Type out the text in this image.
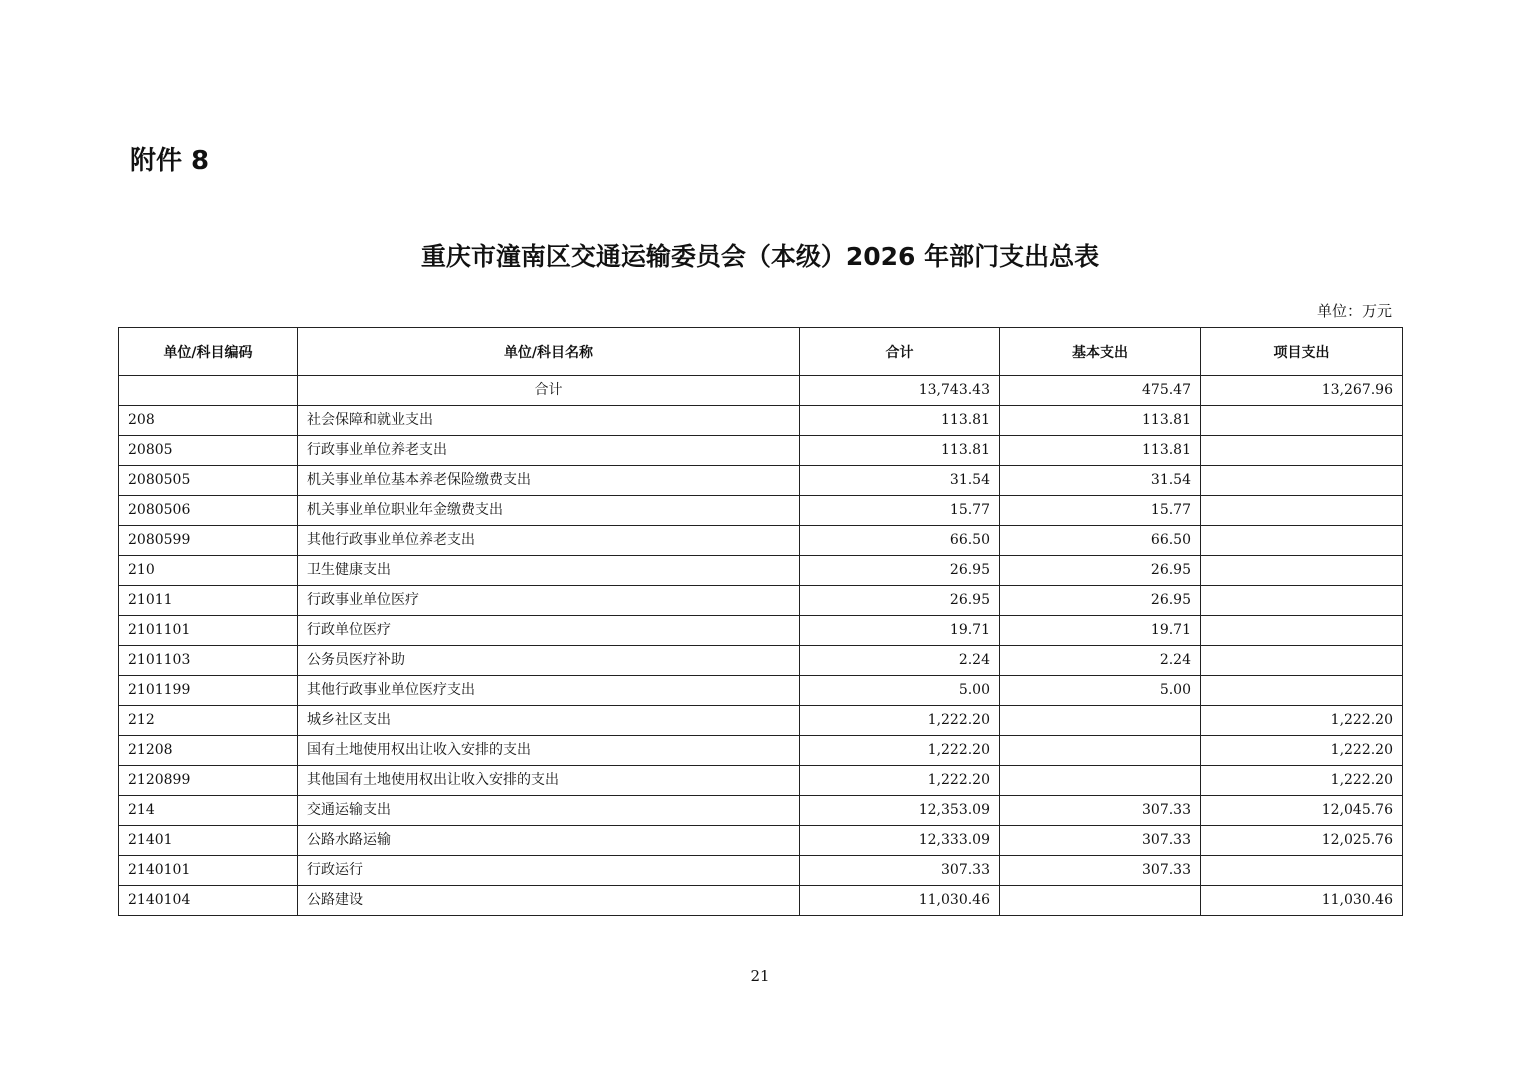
附件 8
重庆市潼南区交通运输委员会（本级）2026 年部门支出总表
单位：万元
单位/科目编码	单位/科目名称	合计	基本支出	项目支出
	合计	13,743.43	475.47	13,267.96
208	社会保障和就业支出	113.81	113.81	
20805	行政事业单位养老支出	113.81	113.81	
2080505	机关事业单位基本养老保险缴费支出	31.54	31.54	
2080506	机关事业单位职业年金缴费支出	15.77	15.77	
2080599	其他行政事业单位养老支出	66.50	66.50	
210	卫生健康支出	26.95	26.95	
21011	行政事业单位医疗	26.95	26.95	
2101101	行政单位医疗	19.71	19.71	
2101103	公务员医疗补助	2.24	2.24	
2101199	其他行政事业单位医疗支出	5.00	5.00	
212	城乡社区支出	1,222.20		1,222.20
21208	国有土地使用权出让收入安排的支出	1,222.20		1,222.20
2120899	其他国有土地使用权出让收入安排的支出	1,222.20		1,222.20
214	交通运输支出	12,353.09	307.33	12,045.76
21401	公路水路运输	12,333.09	307.33	12,025.76
2140101	行政运行	307.33	307.33	
2140104	公路建设	11,030.46		11,030.46
21
